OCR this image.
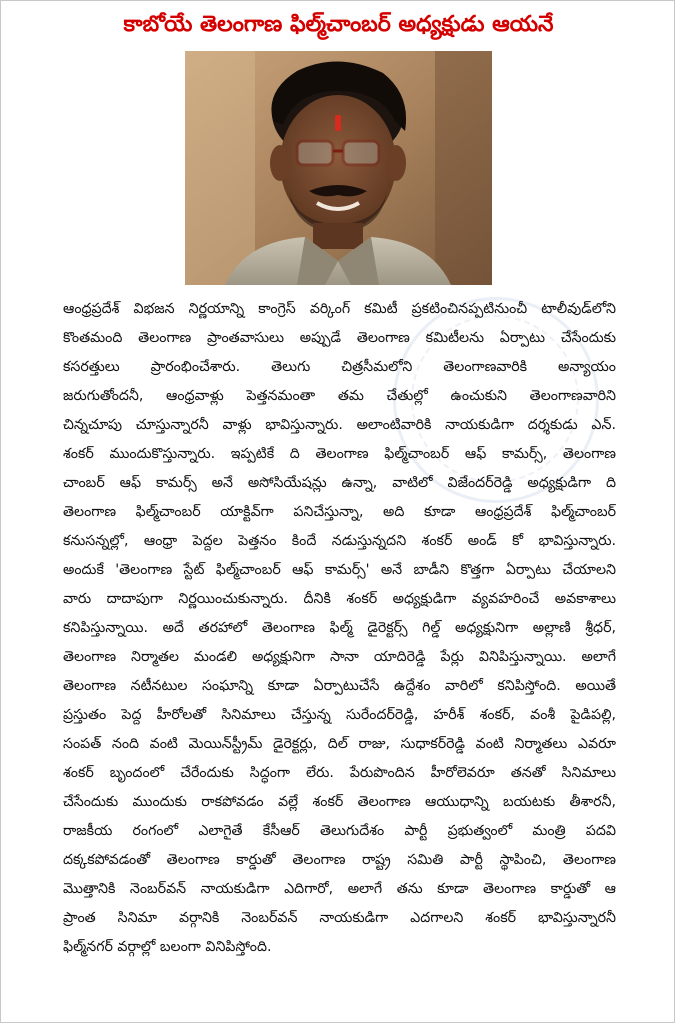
కాబోయే తెలంగాణ ఫిల్మ్‌చాంబర్ అధ్యక్షుడు ఆయనే
ఆంధ్రప్రదేశ్ విభజన నిర్ణయాన్ని కాంగ్రెస్ వర్కింగ్ కమిటీ ప్రకటించినప్పటినుంచీ టాలీవుడ్‌లోని
కొంతమంది తెలంగాణ ప్రాంతవాసులు అప్పుడే తెలంగాణ కమిటీలను ఏర్పాటు చేసేందుకు
కసరత్తులు ప్రారంభించేశారు. తెలుగు చిత్రసీమలోని తెలంగాణవారికి అన్యాయం
జరుగుతోందనీ, ఆంధ్రవాళ్లు పెత్తనమంతా తమ చేతుల్లో ఉంచుకుని తెలంగాణవారిని
చిన్నచూపు చూస్తున్నారనీ వాళ్లు భావిస్తున్నారు. అలాంటివారికి నాయకుడిగా దర్శకుడు ఎన్.
శంకర్ ముందుకొస్తున్నారు. ఇప్పటికే ది తెలంగాణ ఫిల్మ్‌చాంబర్ ఆఫ్ కామర్స్, తెలంగాణ
చాంబర్ ఆఫ్ కామర్స్ అనే అసోసియేషన్లు ఉన్నా, వాటిలో విజేందర్‌రెడ్డి అధ్యక్షుడిగా ది
తెలంగాణ ఫిల్మ్‌చాంబర్ యాక్టివ్‌గా పనిచేస్తున్నా, అది కూడా ఆంధ్రప్రదేశ్ ఫిల్మ్‌చాంబర్
కనుసన్నల్లో, ఆంధ్రా పెద్దల పెత్తనం కిందే నడుస్తున్నదని శంకర్ అండ్ కో భావిస్తున్నారు.
అందుకే 'తెలంగాణ స్టేట్ ఫిల్మ్‌చాంబర్ ఆఫ్ కామర్స్' అనే బాడీని కొత్తగా ఏర్పాటు చేయాలని
వారు దాదాపుగా నిర్ణయించుకున్నారు. దీనికి శంకర్ అధ్యక్షుడిగా వ్యవహరించే అవకాశాలు
కనిపిస్తున్నాయి. అదే తరహాలో తెలంగాణ ఫిల్మ్ డైరెక్టర్స్ గిల్డ్ అధ్యక్షునిగా అల్లాణి శ్రీధర్,
తెలంగాణ నిర్మాతల మండలి అధ్యక్షునిగా సానా యాదిరెడ్డి పేర్లు వినిపిస్తున్నాయి. అలాగే
తెలంగాణ నటీనటుల సంఘాన్ని కూడా ఏర్పాటుచేసే ఉద్దేశం వారిలో కనిపిస్తోంది. అయితే
ప్రస్తుతం పెద్ద హీరోలతో సినిమాలు చేస్తున్న సురేందర్‌రెడ్డి, హరీశ్ శంకర్, వంశీ పైడిపల్లి,
సంపత్ నంది వంటి మెయిన్‌స్ట్రీమ్ డైరెక్టర్లు, దిల్ రాజు, సుధాకర్‌రెడ్డి వంటి నిర్మాతలు ఎవరూ
శంకర్ బృందంలో చేరేందుకు సిద్ధంగా లేరు. పేరుపొందిన హీరోలెవరూ తనతో సినిమాలు
చేసేందుకు ముందుకు రాకపోవడం వల్లే శంకర్ తెలంగాణ ఆయుధాన్ని బయటకు తీశారనీ,
రాజకీయ రంగంలో ఎలాగైతే కేసీఆర్ తెలుగుదేశం పార్టీ ప్రభుత్వంలో మంత్రి పదవి
దక్కకపోవడంతో తెలంగాణ కార్డుతో తెలంగాణ రాష్ట్ర సమితి పార్టీ స్థాపించి, తెలంగాణ
మొత్తానికి నెంబర్‌వన్ నాయకుడిగా ఎదిగారో, అలాగే తను కూడా తెలంగాణ కార్డుతో ఆ
ప్రాంత సినిమా వర్గానికి నెంబర్‌వన్ నాయకుడిగా ఎదగాలని శంకర్ భావిస్తున్నారనీ
ఫిల్మ్‌నగర్ వర్గాల్లో బలంగా వినిపిస్తోంది.
